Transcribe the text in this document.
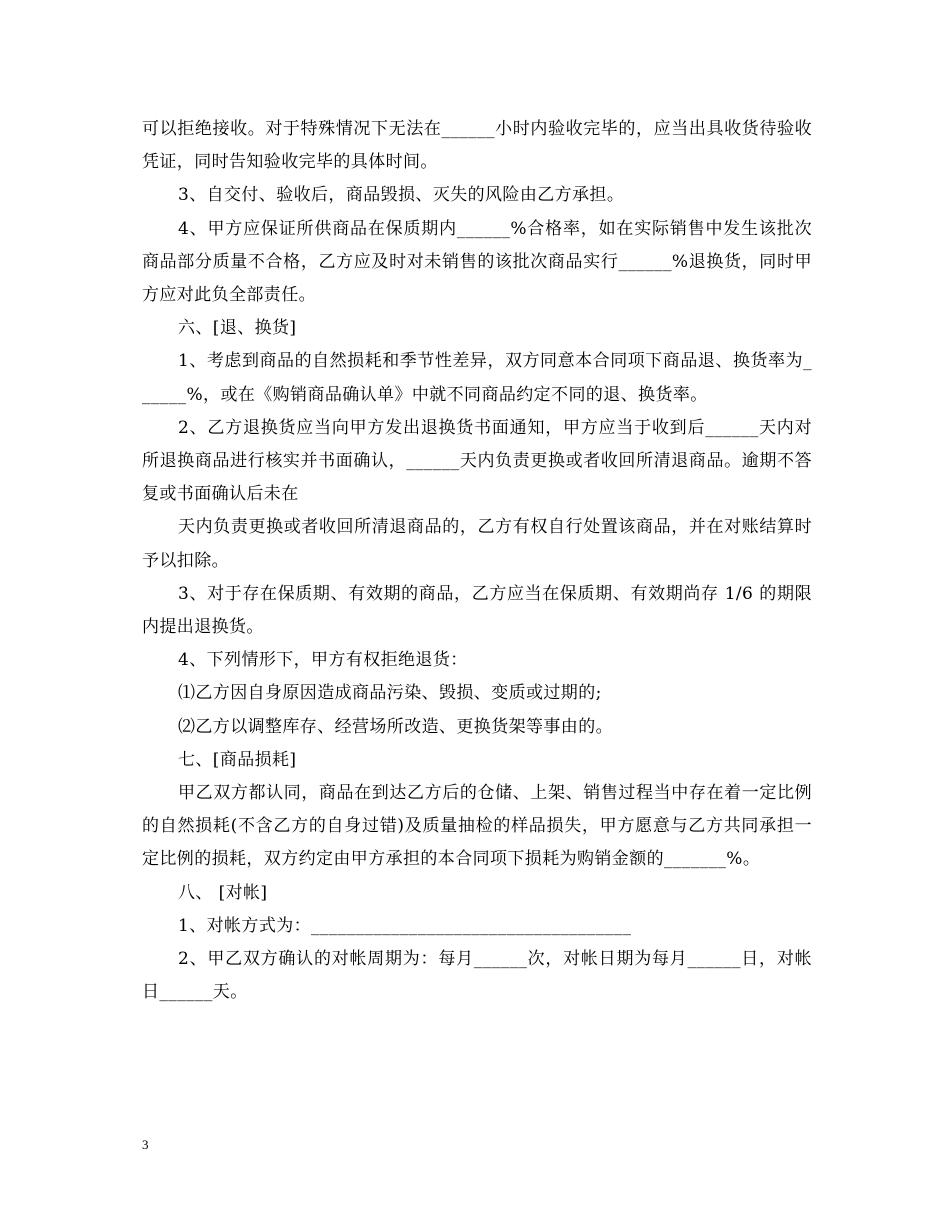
可以拒绝接收。对于特殊情况下无法在______小时内验收完毕的，应当出具收货待验收凭证，同时告知验收完毕的具体时间。

3、自交付、验收后，商品毁损、灭失的风险由乙方承担。

4、甲方应保证所供商品在保质期内______%合格率，如在实际销售中发生该批次商品部分质量不合格，乙方应及时对未销售的该批次商品实行______%退换货，同时甲方应对此负全部责任。

六、[退、换货]

1、考虑到商品的自然损耗和季节性差异，双方同意本合同项下商品退、换货率为______%，或在《购销商品确认单》中就不同商品约定不同的退、换货率。

2、乙方退换货应当向甲方发出退换货书面通知，甲方应当于收到后______天内对所退换商品进行核实并书面确认，______天内负责更换或者收回所清退商品。逾期不答复或书面确认后未在

天内负责更换或者收回所清退商品的，乙方有权自行处置该商品，并在对账结算时予以扣除。

3、对于存在保质期、有效期的商品，乙方应当在保质期、有效期尚存 1/6 的期限内提出退换货。

4、下列情形下，甲方有权拒绝退货：

⑴乙方因自身原因造成商品污染、毁损、变质或过期的;

⑵乙方以调整库存、经营场所改造、更换货架等事由的。

七、[商品损耗]

甲乙双方都认同，商品在到达乙方后的仓储、上架、销售过程当中存在着一定比例的自然损耗(不含乙方的自身过错)及质量抽检的样品损失，甲方愿意与乙方共同承担一定比例的损耗，双方约定由甲方承担的本合同项下损耗为购销金额的_______%。

八、 [对帐]

1、对帐方式为：____________________________________

2、甲乙双方确认的对帐周期为：每月______次，对帐日期为每月______日，对帐日______天。

3
